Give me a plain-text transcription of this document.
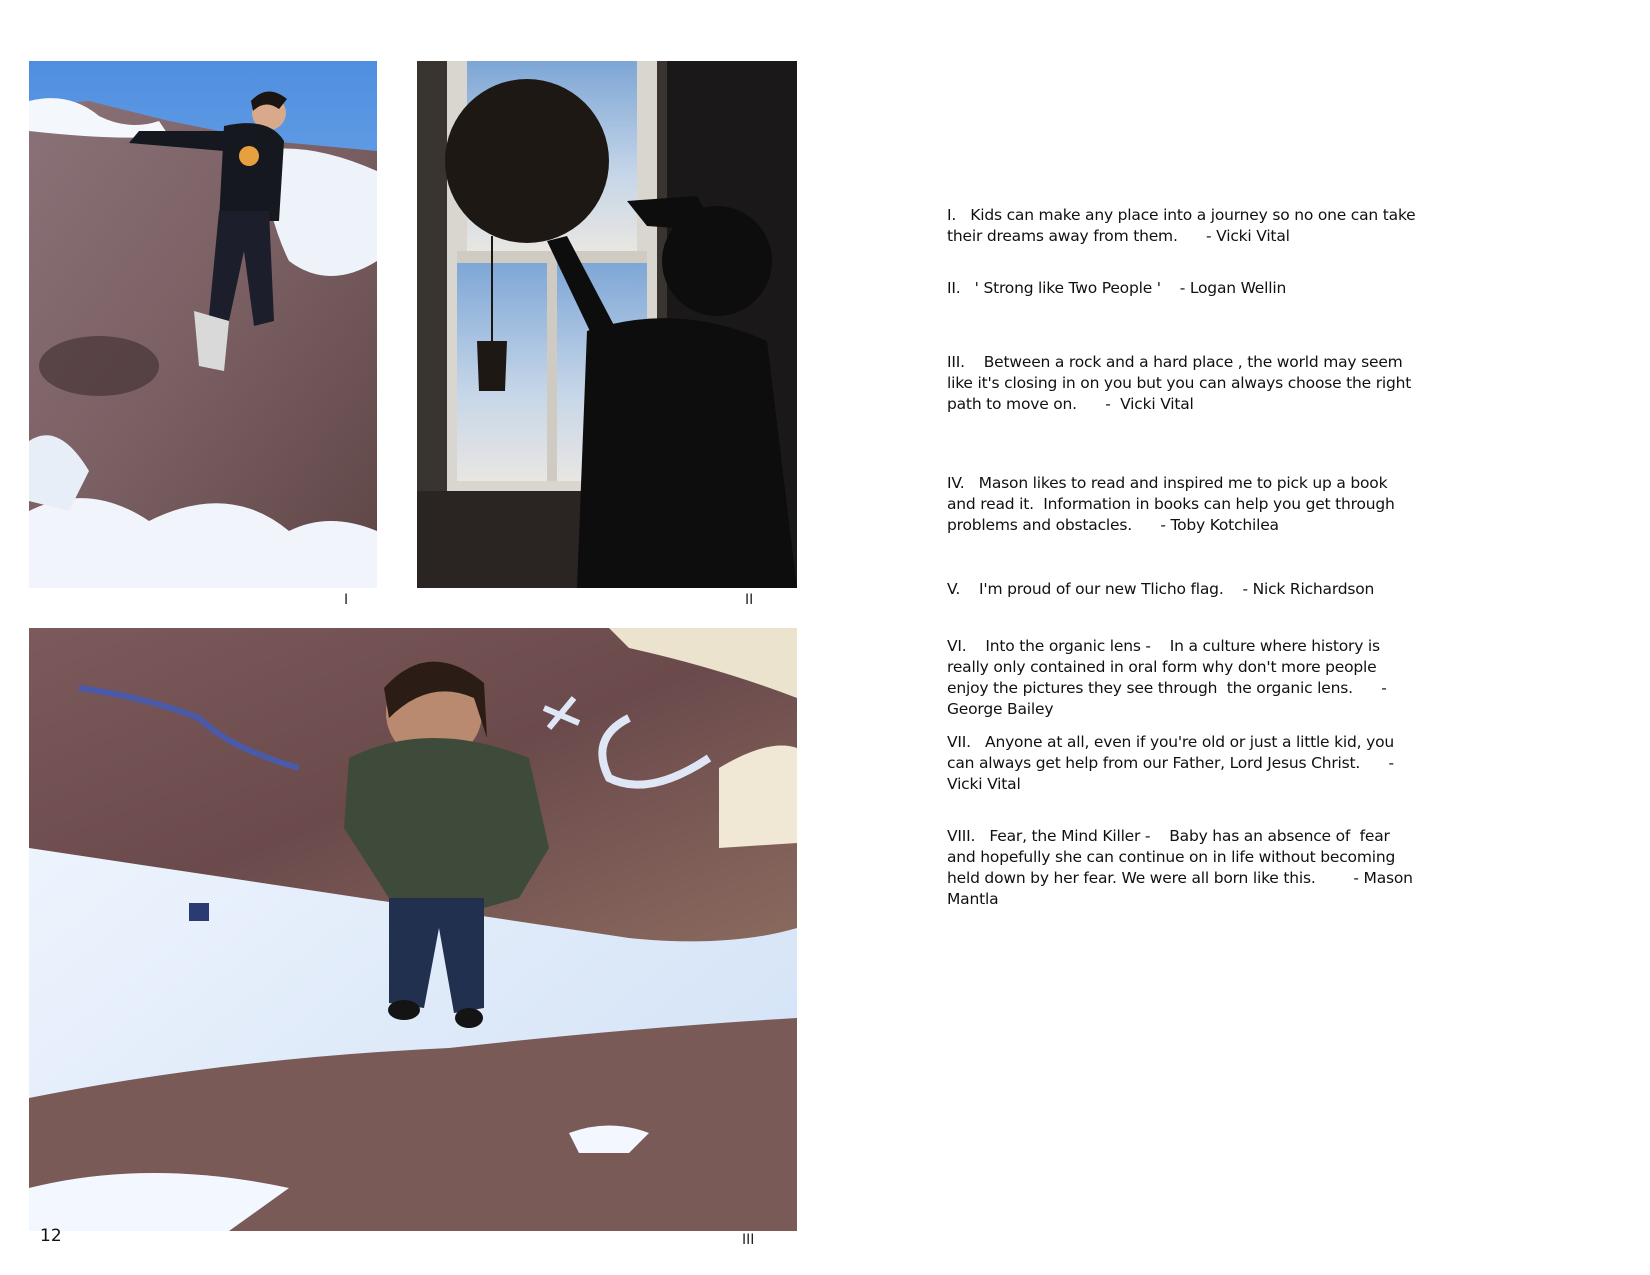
I	II
III
12
I.   Kids can make any place into a journey so no one can take their dreams away from them.      - Vicki Vital
II.   ' Strong like Two People '    - Logan Wellin
III.    Between a rock and a hard place , the world may seem like it's closing in on you but you can always choose the right path to move on.      -  Vicki Vital
IV.   Mason likes to read and inspired me to pick up a book and read it.  Information in books can help you get through problems and obstacles.      - Toby Kotchilea
V.    I'm proud of our new Tlicho flag.    - Nick Richardson
VI.    Into the organic lens -    In a culture where history is really only contained in oral form why don't more people enjoy the pictures they see through  the organic lens.      - George Bailey
VII.   Anyone at all, even if you're old or just a little kid, you can always get help from our Father, Lord Jesus Christ.      - Vicki Vital
VIII.   Fear, the Mind Killer -    Baby has an absence of  fear and hopefully she can continue on in life without becoming held down by her fear. We were all born like this.        - Mason Mantla
